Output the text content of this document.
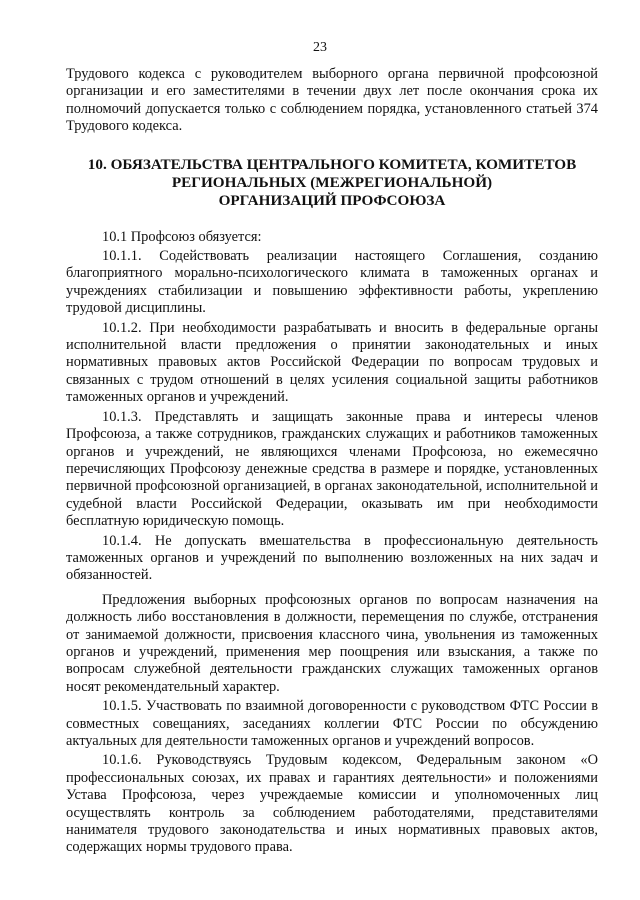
23

Трудового кодекса с руководителем выборного органа первичной профсоюзной организации и его заместителями в течении двух лет после окончания срока их полномочий допускается только с соблюдением порядка, установленного статьей 374 Трудового кодекса.

10. ОБЯЗАТЕЛЬСТВА ЦЕНТРАЛЬНОГО КОМИТЕТА, КОМИТЕТОВ
РЕГИОНАЛЬНЫХ (МЕЖРЕГИОНАЛЬНОЙ)
ОРГАНИЗАЦИЙ ПРОФСОЮЗА

10.1 Профсоюз обязуется:

10.1.1. Содействовать реализации настоящего Соглашения, созданию благоприятного морально-психологического климата в таможенных органах и учреждениях стабилизации и повышению эффективности работы, укреплению трудовой дисциплины.

10.1.2. При необходимости разрабатывать и вносить в федеральные органы исполнительной власти предложения о принятии законодательных и иных нормативных правовых актов Российской Федерации по вопросам трудовых и связанных с трудом отношений в целях усиления социальной защиты работников таможенных органов и учреждений.

10.1.3. Представлять и защищать законные права и интересы членов Профсоюза, а также сотрудников, гражданских служащих и работников таможенных органов и учреждений, не являющихся членами Профсоюза, но ежемесячно перечисляющих Профсоюзу денежные средства в размере и порядке, установленных первичной профсоюзной организацией, в органах законодательной, исполнительной и судебной власти Российской Федерации, оказывать им при необходимости бесплатную юридическую помощь.

10.1.4. Не допускать вмешательства в профессиональную деятельность таможенных органов и учреждений по выполнению возложенных на них задач и обязанностей.

Предложения выборных профсоюзных органов по вопросам назначения на должность либо восстановления в должности, перемещения по службе, отстранения от занимаемой должности, присвоения классного чина, увольнения из таможенных органов и учреждений, применения мер поощрения или взыскания, а также по вопросам служебной деятельности гражданских служащих таможенных органов носят рекомендательный характер.

10.1.5. Участвовать по взаимной договоренности с руководством ФТС России в совместных совещаниях, заседаниях коллегии ФТС России по обсуждению актуальных для деятельности таможенных органов и учреждений вопросов.

10.1.6. Руководствуясь Трудовым кодексом, Федеральным законом «О профессиональных союзах, их правах и гарантиях деятельности» и положениями Устава Профсоюза, через учреждаемые комиссии и уполномоченных лиц осуществлять контроль за соблюдением работодателями, представителями нанимателя трудового законодательства и иных нормативных правовых актов, содержащих нормы трудового права.
